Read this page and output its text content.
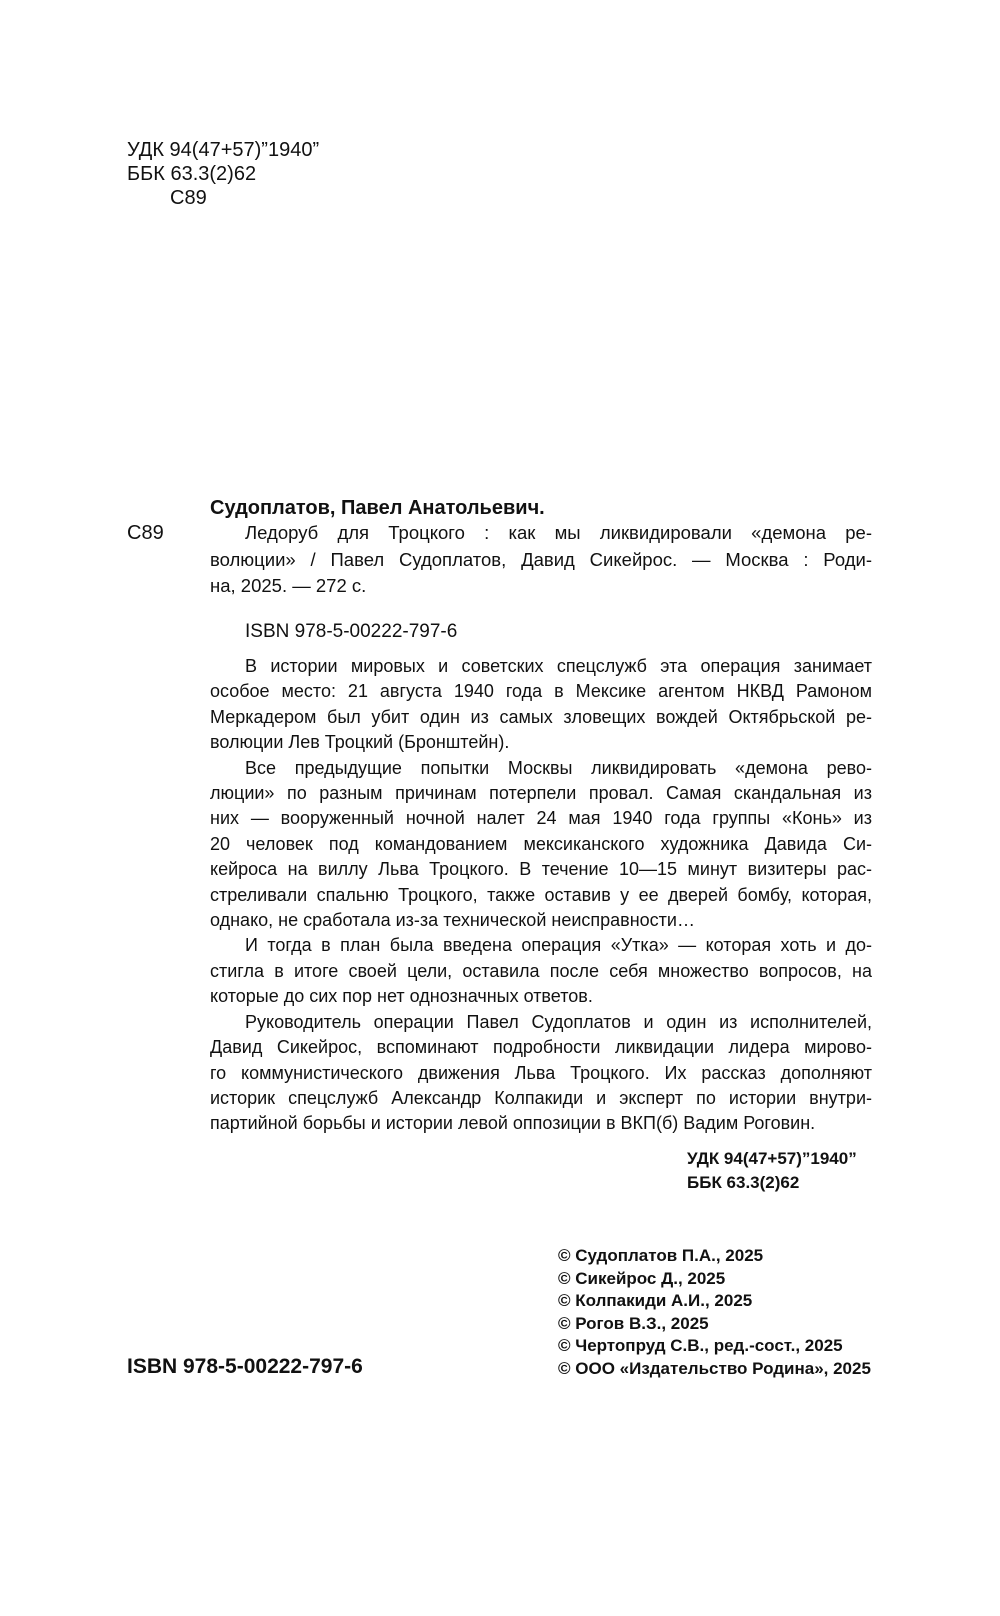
УДК 94(47+57)”1940”
ББК 63.3(2)62
С89
Судоплатов, Павел Анатольевич.
С89	Ледоруб для Троцкого : как мы ликвидировали «демона ре-
волюции» / Павел Судоплатов, Давид Сикейрос. — Москва : Роди-
на, 2025. — 272 с.
ISBN 978-5-00222-797-6
В истории мировых и советских спецслужб эта операция занимает
особое место: 21 августа 1940 года в Мексике агентом НКВД Рамоном
Меркадером был убит один из самых зловещих вождей Октябрьской ре-
волюции Лев Троцкий (Бронштейн).
Все предыдущие попытки Москвы ликвидировать «демона рево-
люции» по разным причинам потерпели провал. Самая скандальная из
них — вооруженный ночной налет 24 мая 1940 года группы «Конь» из
20 человек под командованием мексиканского художника Давида Си-
кейроса на виллу Льва Троцкого. В течение 10—15 минут визитеры рас-
стреливали спальню Троцкого, также оставив у ее дверей бомбу, которая,
однако, не сработала из-за технической неисправности…
И тогда в план была введена операция «Утка» — которая хоть и до-
стигла в итоге своей цели, оставила после себя множество вопросов, на
которые до сих пор нет однозначных ответов.
Руководитель операции Павел Судоплатов и один из исполнителей,
Давид Сикейрос, вспоминают подробности ликвидации лидера мирово-
го коммунистического движения Льва Троцкого. Их рассказ дополняют
историк спецслужб Александр Колпакиди и эксперт по истории внутри-
партийной борьбы и истории левой оппозиции в ВКП(б) Вадим Роговин.
УДК 94(47+57)”1940”
ББК 63.3(2)62
© Судоплатов П.А., 2025
© Сикейрос Д., 2025
© Колпакиди А.И., 2025
© Рогов В.З., 2025
© Чертопруд С.В., ред.-сост., 2025
© ООО «Издательство Родина», 2025
ISBN 978-5-00222-797-6
